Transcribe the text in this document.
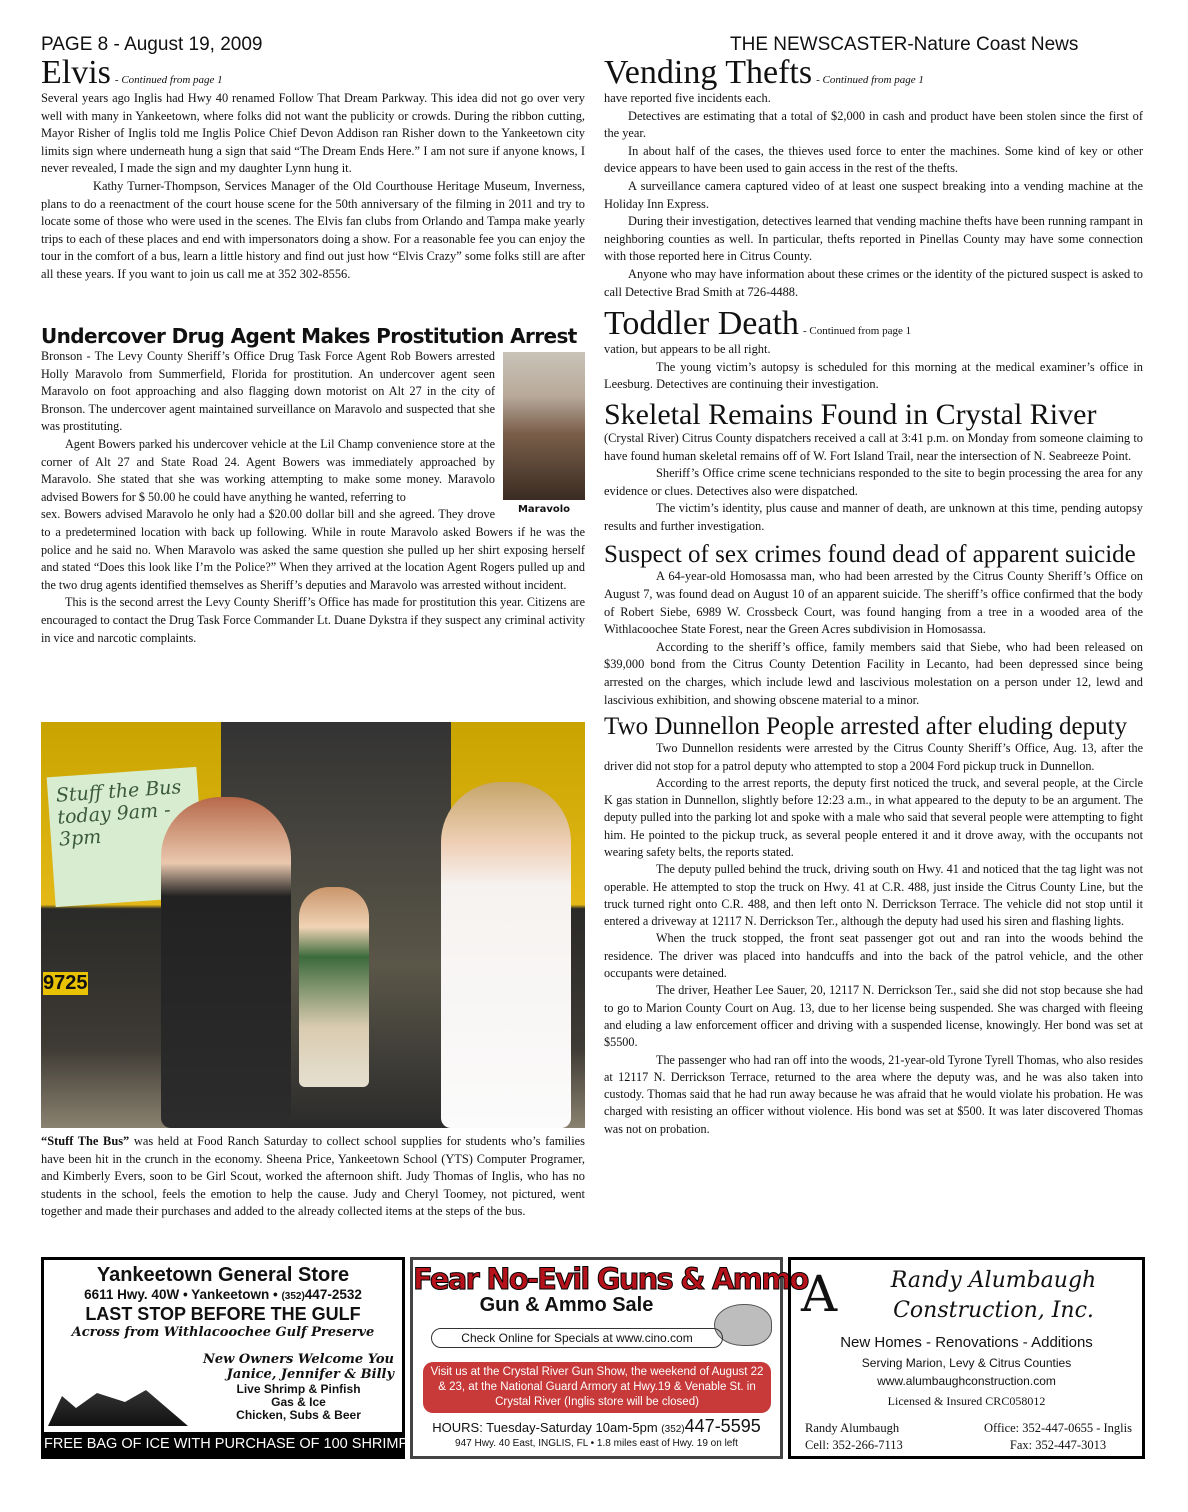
PAGE 8 - August 19, 2009	THE NEWSCASTER-Nature Coast News
Elvis - Continued from page 1

Several years ago Inglis had Hwy 40 renamed Follow That Dream Parkway. This idea did not go over very well with many in Yankeetown, where folks did not want the publicity or crowds. During the ribbon cutting, Mayor Risher of Inglis told me Inglis Police Chief Devon Addison ran Risher down to the Yankeetown city limits sign where underneath hung a sign that said “The Dream Ends Here.” I am not sure if anyone knows, I never revealed, I made the sign and my daughter Lynn hung it.

Kathy Turner-Thompson, Services Manager of the Old Courthouse Heritage Museum, Inverness, plans to do a reenactment of the court house scene for the 50th anniversary of the filming in 2011 and try to locate some of those who were used in the scenes. The Elvis fan clubs from Orlando and Tampa make yearly trips to each of these places and end with impersonators doing a show. For a reasonable fee you can enjoy the tour in the comfort of a bus, learn a little history and find out just how “Elvis Crazy” some folks still are after all these years. If you want to join us call me at 352 302-8556.

Undercover Drug Agent Makes Prostitution Arrest
Maravolo

Bronson - The Levy County Sheriff’s Office Drug Task Force Agent Rob Bowers arrested Holly Maravolo from Summerfield, Florida for prostitution. An undercover agent seen Maravolo on foot approaching and also flagging down motorist on Alt 27 in the city of Bronson. The undercover agent maintained surveillance on Maravolo and suspected that she was prostituting.

Agent Bowers parked his undercover vehicle at the Lil Champ convenience store at the corner of Alt 27 and State Road 24. Agent Bowers was immediately approached by Maravolo. She stated that she was working attempting to make some money. Maravolo advised Bowers for $ 50.00 he could have anything he wanted, referring to

sex. Bowers advised Maravolo he only had a $20.00 dollar bill and she agreed. They drove to a predetermined location with back up following. While in route Maravolo asked Bowers if he was the police and he said no. When Maravolo was asked the same question she pulled up her shirt exposing herself and stated “Does this look like I’m the Police?” When they arrived at the location Agent Rogers pulled up and the two drug agents identified themselves as Sheriff’s deputies and Maravolo was arrested without incident.

This is the second arrest the Levy County Sheriff’s Office has made for prostitution this year. Citizens are encouraged to contact the Drug Task Force Commander Lt. Duane Dykstra if they suspect any criminal activity in vice and narcotic complaints.

Stuff the Bus today 9am - 3pm
9725
“Stuff The Bus” was held at Food Ranch Saturday to collect school supplies for students who’s families have been hit in the crunch in the economy. Sheena Price, Yankeetown School (YTS) Computer Programer, and Kimberly Evers, soon to be Girl Scout, worked the afternoon shift. Judy Thomas of Inglis, who has no students in the school, feels the emotion to help the cause. Judy and Cheryl Toomey, not pictured, went together and made their purchases and added to the already collected items at the steps of the bus.
Vending Thefts - Continued from page 1

have reported five incidents each.

Detectives are estimating that a total of $2,000 in cash and product have been stolen since the first of the year.

In about half of the cases, the thieves used force to enter the machines. Some kind of key or other device appears to have been used to gain access in the rest of the thefts.

A surveillance camera captured video of at least one suspect breaking into a vending machine at the Holiday Inn Express.

During their investigation, detectives learned that vending machine thefts have been running rampant in neighboring counties as well. In particular, thefts reported in Pinellas County may have some connection with those reported here in Citrus County.

Anyone who may have information about these crimes or the identity of the pictured suspect is asked to call Detective Brad Smith at 726-4488.

Toddler Death - Continued from page 1

vation, but appears to be all right.

The young victim’s autopsy is scheduled for this morning at the medical examiner’s office in Leesburg. Detectives are continuing their investigation.

Skeletal Remains Found in Crystal River

(Crystal River) Citrus County dispatchers received a call at 3:41 p.m. on Monday from someone claiming to have found human skeletal remains off of W. Fort Island Trail, near the intersection of N. Seabreeze Point.

Sheriff’s Office crime scene technicians responded to the site to begin processing the area for any evidence or clues. Detectives also were dispatched.

The victim’s identity, plus cause and manner of death, are unknown at this time, pending autopsy results and further investigation.

Suspect of sex crimes found dead of apparent suicide

A 64-year-old Homosassa man, who had been arrested by the Citrus County Sheriff’s Office on August 7, was found dead on August 10 of an apparent suicide. The sheriff’s office confirmed that the body of Robert Siebe, 6989 W. Crossbeck Court, was found hanging from a tree in a wooded area of the Withlacoochee State Forest, near the Green Acres subdivision in Homosassa.

According to the sheriff’s office, family members said that Siebe, who had been released on $39,000 bond from the Citrus County Detention Facility in Lecanto, had been depressed since being arrested on the charges, which include lewd and lascivious molestation on a person under 12, lewd and lascivious exhibition, and showing obscene material to a minor.

Two Dunnellon People arrested after eluding deputy

Two Dunnellon residents were arrested by the Citrus County Sheriff’s Office, Aug. 13, after the driver did not stop for a patrol deputy who attempted to stop a 2004 Ford pickup truck in Dunnellon.

According to the arrest reports, the deputy first noticed the truck, and several people, at the Circle K gas station in Dunnellon, slightly before 12:23 a.m., in what appeared to the deputy to be an argument. The deputy pulled into the parking lot and spoke with a male who said that several people were attempting to fight him. He pointed to the pickup truck, as several people entered it and it drove away, with the occupants not wearing safety belts, the reports stated.

The deputy pulled behind the truck, driving south on Hwy. 41 and noticed that the tag light was not operable. He attempted to stop the truck on Hwy. 41 at C.R. 488, just inside the Citrus County Line, but the truck turned right onto C.R. 488, and then left onto N. Derrickson Terrace. The vehicle did not stop until it entered a driveway at 12117 N. Derrickson Ter., although the deputy had used his siren and flashing lights.

When the truck stopped, the front seat passenger got out and ran into the woods behind the residence. The driver was placed into handcuffs and into the back of the patrol vehicle, and the other occupants were detained.

The driver, Heather Lee Sauer, 20, 12117 N. Derrickson Ter., said she did not stop because she had to go to Marion County Court on Aug. 13, due to her license being suspended. She was charged with fleeing and eluding a law enforcement officer and driving with a suspended license, knowingly. Her bond was set at $5500.

The passenger who had ran off into the woods, 21-year-old Tyrone Tyrell Thomas, who also resides at 12117 N. Derrickson Terrace, returned to the area where the deputy was, and he was also taken into custody. Thomas said that he had run away because he was afraid that he would violate his probation. He was charged with resisting an officer without violence. His bond was set at $500. It was later discovered Thomas was not on probation.

Yankeetown General Store
6611 Hwy. 40W • Yankeetown • (352)447-2532
LAST STOP BEFORE THE GULF
Across from Withlacoochee Gulf Preserve
New Owners Welcome You
Janice, Jennifer & Billy
Live Shrimp & Pinfish
Gas & Ice
Chicken, Subs & Beer
FREE BAG OF ICE WITH PURCHASE OF 100 SHRIMP!
Fear No-Evil Guns & Ammo
Gun & Ammo Sale
Check Online for Specials at www.cino.com
Visit us at the Crystal River Gun Show, the weekend of August 22 & 23, at the National Guard Armory at Hwy.19 & Venable St. in Crystal River (Inglis store will be closed)
HOURS: Tuesday-Saturday 10am-5pm (352)447-5595
947 Hwy. 40 East, INGLIS, FL • 1.8 miles east of Hwy. 19 on left
A	Randy Alumbaugh
Construction, Inc.
New Homes - Renovations - Additions
Serving Marion, Levy & Citrus Counties
www.alumbaughconstruction.com
Licensed & Insured CRC058012
Randy Alumbaugh
Cell: 352-266-7113
Office: 352-447-0655 - Inglis
Fax: 352-447-3013
